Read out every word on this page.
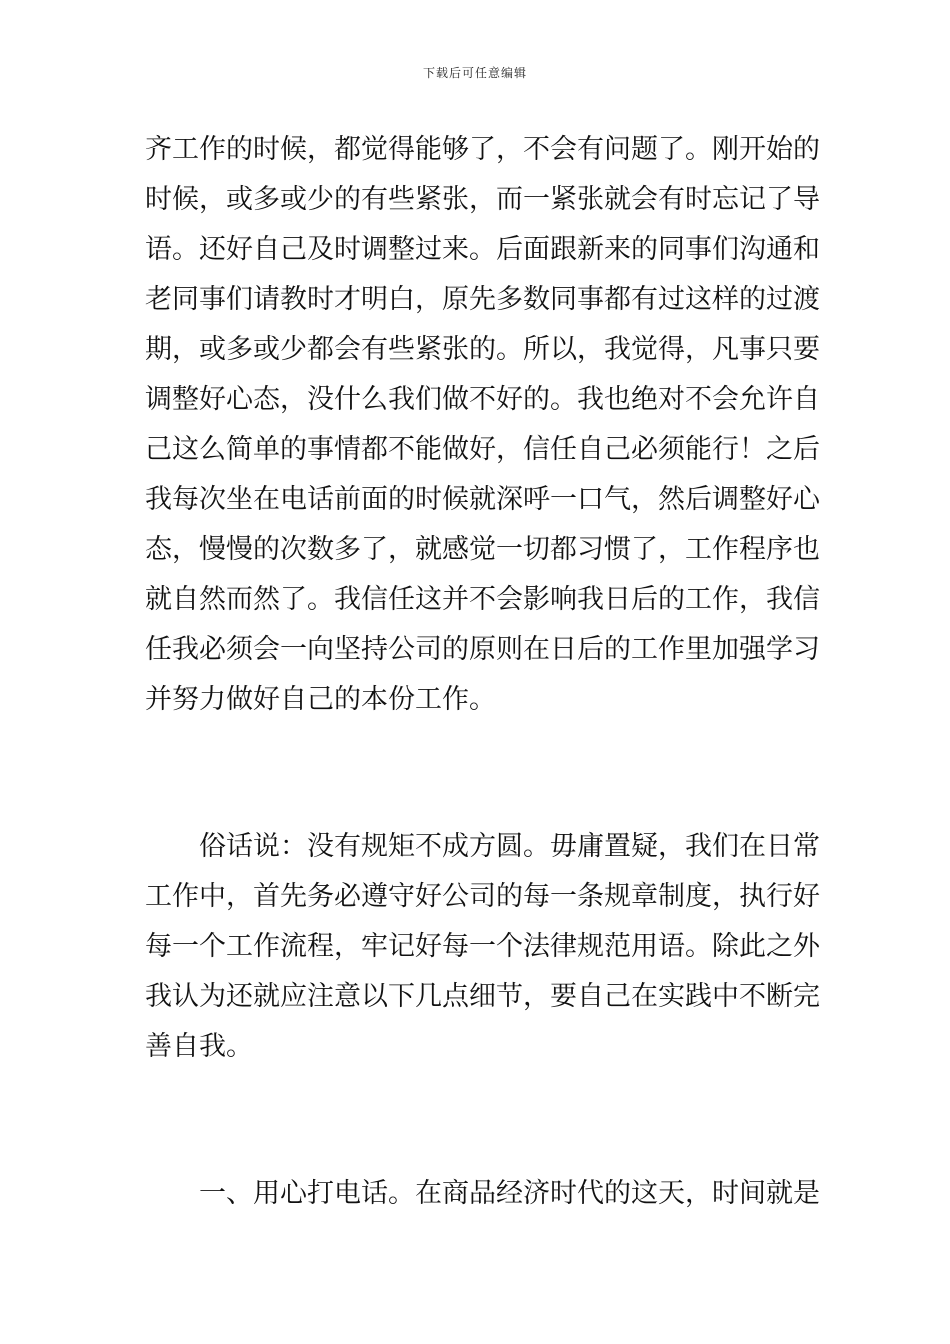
下载后可任意编辑
齐工作的时候，都觉得能够了，不会有问题了。刚开始的
时候，或多或少的有些紧张，而一紧张就会有时忘记了导
语。还好自己及时调整过来。后面跟新来的同事们沟通和
老同事们请教时才明白，原先多数同事都有过这样的过渡
期，或多或少都会有些紧张的。所以，我觉得，凡事只要
调整好心态，没什么我们做不好的。我也绝对不会允许自
己这么简单的事情都不能做好，信任自己必须能行！之后
我每次坐在电话前面的时候就深呼一口气，然后调整好心
态，慢慢的次数多了，就感觉一切都习惯了，工作程序也
就自然而然了。我信任这并不会影响我日后的工作，我信
任我必须会一向坚持公司的原则在日后的工作里加强学习
并努力做好自己的本份工作。
俗话说：没有规矩不成方圆。毋庸置疑，我们在日常
工作中，首先务必遵守好公司的每一条规章制度，执行好
每一个工作流程，牢记好每一个法律规范用语。除此之外
我认为还就应注意以下几点细节，要自己在实践中不断完
善自我。
一、用心打电话。在商品经济时代的这天，时间就是
